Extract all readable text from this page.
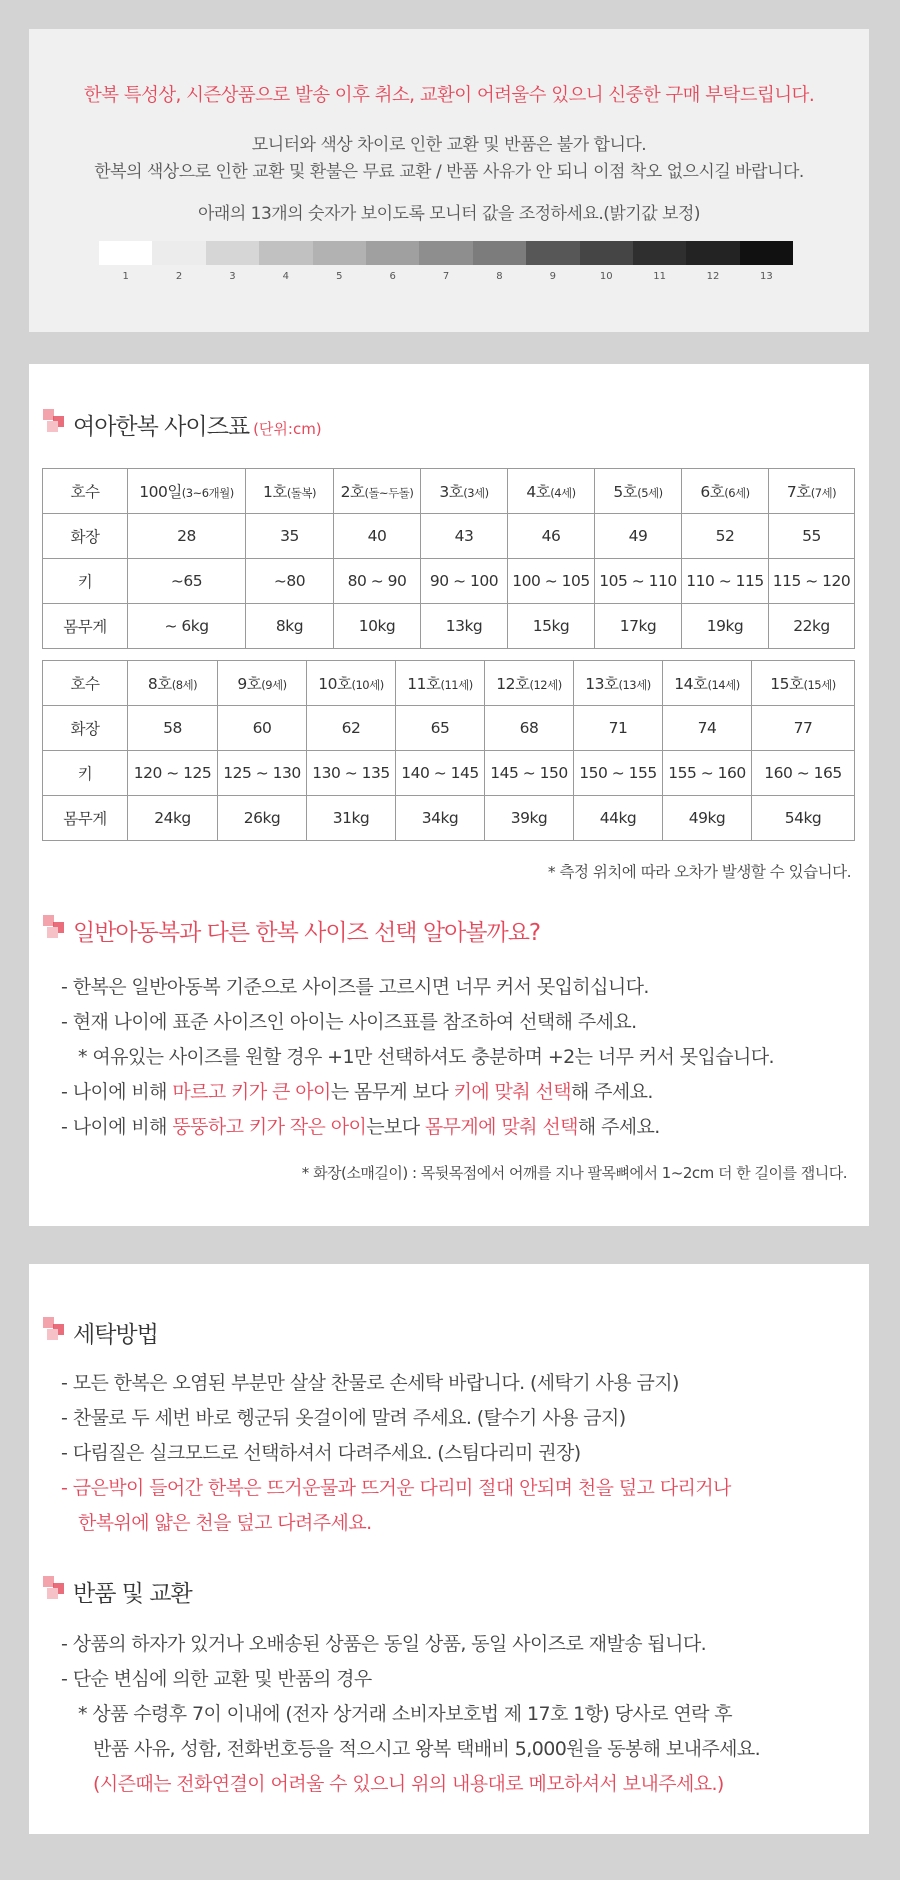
한복 특성상, 시즌상품으로 발송 이후 취소, 교환이 어려울수 있으니 신중한 구매 부탁드립니다.
모니터와 색상 차이로 인한 교환 및 반품은 불가 합니다.
한복의 색상으로 인한 교환 및 환불은 무료 교환 / 반품 사유가 안 되니 이점 착오 없으시길 바랍니다.
아래의 13개의 숫자가 보이도록 모니터 값을 조정하세요.(밝기값 보정)
1	2	3	4	5	6	7	8	9	10	11	12	13
여아한복 사이즈표 (단위:cm)
호수	100일(3~6개월)	1호(돌복)	2호(돌~두돌)	3호(3세)	4호(4세)	5호(5세)	6호(6세)	7호(7세)
화장	28	35	40	43	46	49	52	55
키	~65	~80	80 ~ 90	90 ~ 100	100 ~ 105	105 ~ 110	110 ~ 115	115 ~ 120
몸무게	~ 6kg	8kg	10kg	13kg	15kg	17kg	19kg	22kg
호수	8호(8세)	9호(9세)	10호(10세)	11호(11세)	12호(12세)	13호(13세)	14호(14세)	15호(15세)
화장	58	60	62	65	68	71	74	77
키	120 ~ 125	125 ~ 130	130 ~ 135	140 ~ 145	145 ~ 150	150 ~ 155	155 ~ 160	160 ~ 165
몸무게	24kg	26kg	31kg	34kg	39kg	44kg	49kg	54kg
* 측정 위치에 따라 오차가 발생할 수 있습니다.
일반아동복과 다른 한복 사이즈 선택 알아볼까요?
- 한복은 일반아동복 기준으로 사이즈를 고르시면 너무 커서 못입히십니다.
- 현재 나이에 표준 사이즈인 아이는 사이즈표를 참조하여 선택해 주세요.
* 여유있는 사이즈를 원할 경우 +1만 선택하셔도 충분하며 +2는 너무 커서 못입습니다.
- 나이에 비해 마르고 키가 큰 아이는 몸무게 보다 키에 맞춰 선택해 주세요.
- 나이에 비해 뚱뚱하고 키가 작은 아이는보다 몸무게에 맞춰 선택해 주세요.
* 화장(소매길이) : 목뒷목점에서 어깨를 지나 팔목뼈에서 1~2cm 더 한 길이를 잽니다.
세탁방법
- 모든 한복은 오염된 부분만 살살 찬물로 손세탁 바랍니다. (세탁기 사용 금지)
- 찬물로 두 세번 바로 헹군뒤 옷걸이에 말려 주세요. (탈수기 사용 금지)
- 다림질은 실크모드로 선택하셔서 다려주세요. (스팀다리미 권장)
- 금은박이 들어간 한복은 뜨거운물과 뜨거운 다리미 절대 안되며 천을 덮고 다리거나
한복위에 얇은 천을 덮고 다려주세요.
반품 및 교환
- 상품의 하자가 있거나 오배송된 상품은 동일 상품, 동일 사이즈로 재발송 됩니다.
- 단순 변심에 의한 교환 및 반품의 경우
* 상품 수령후 7이 이내에 (전자 상거래 소비자보호법 제 17호 1항) 당사로 연락 후
반품 사유, 성함, 전화번호등을 적으시고 왕복 택배비 5,000원을 동봉해 보내주세요.
(시즌때는 전화연결이 어려울 수 있으니 위의 내용대로 메모하셔서 보내주세요.)
